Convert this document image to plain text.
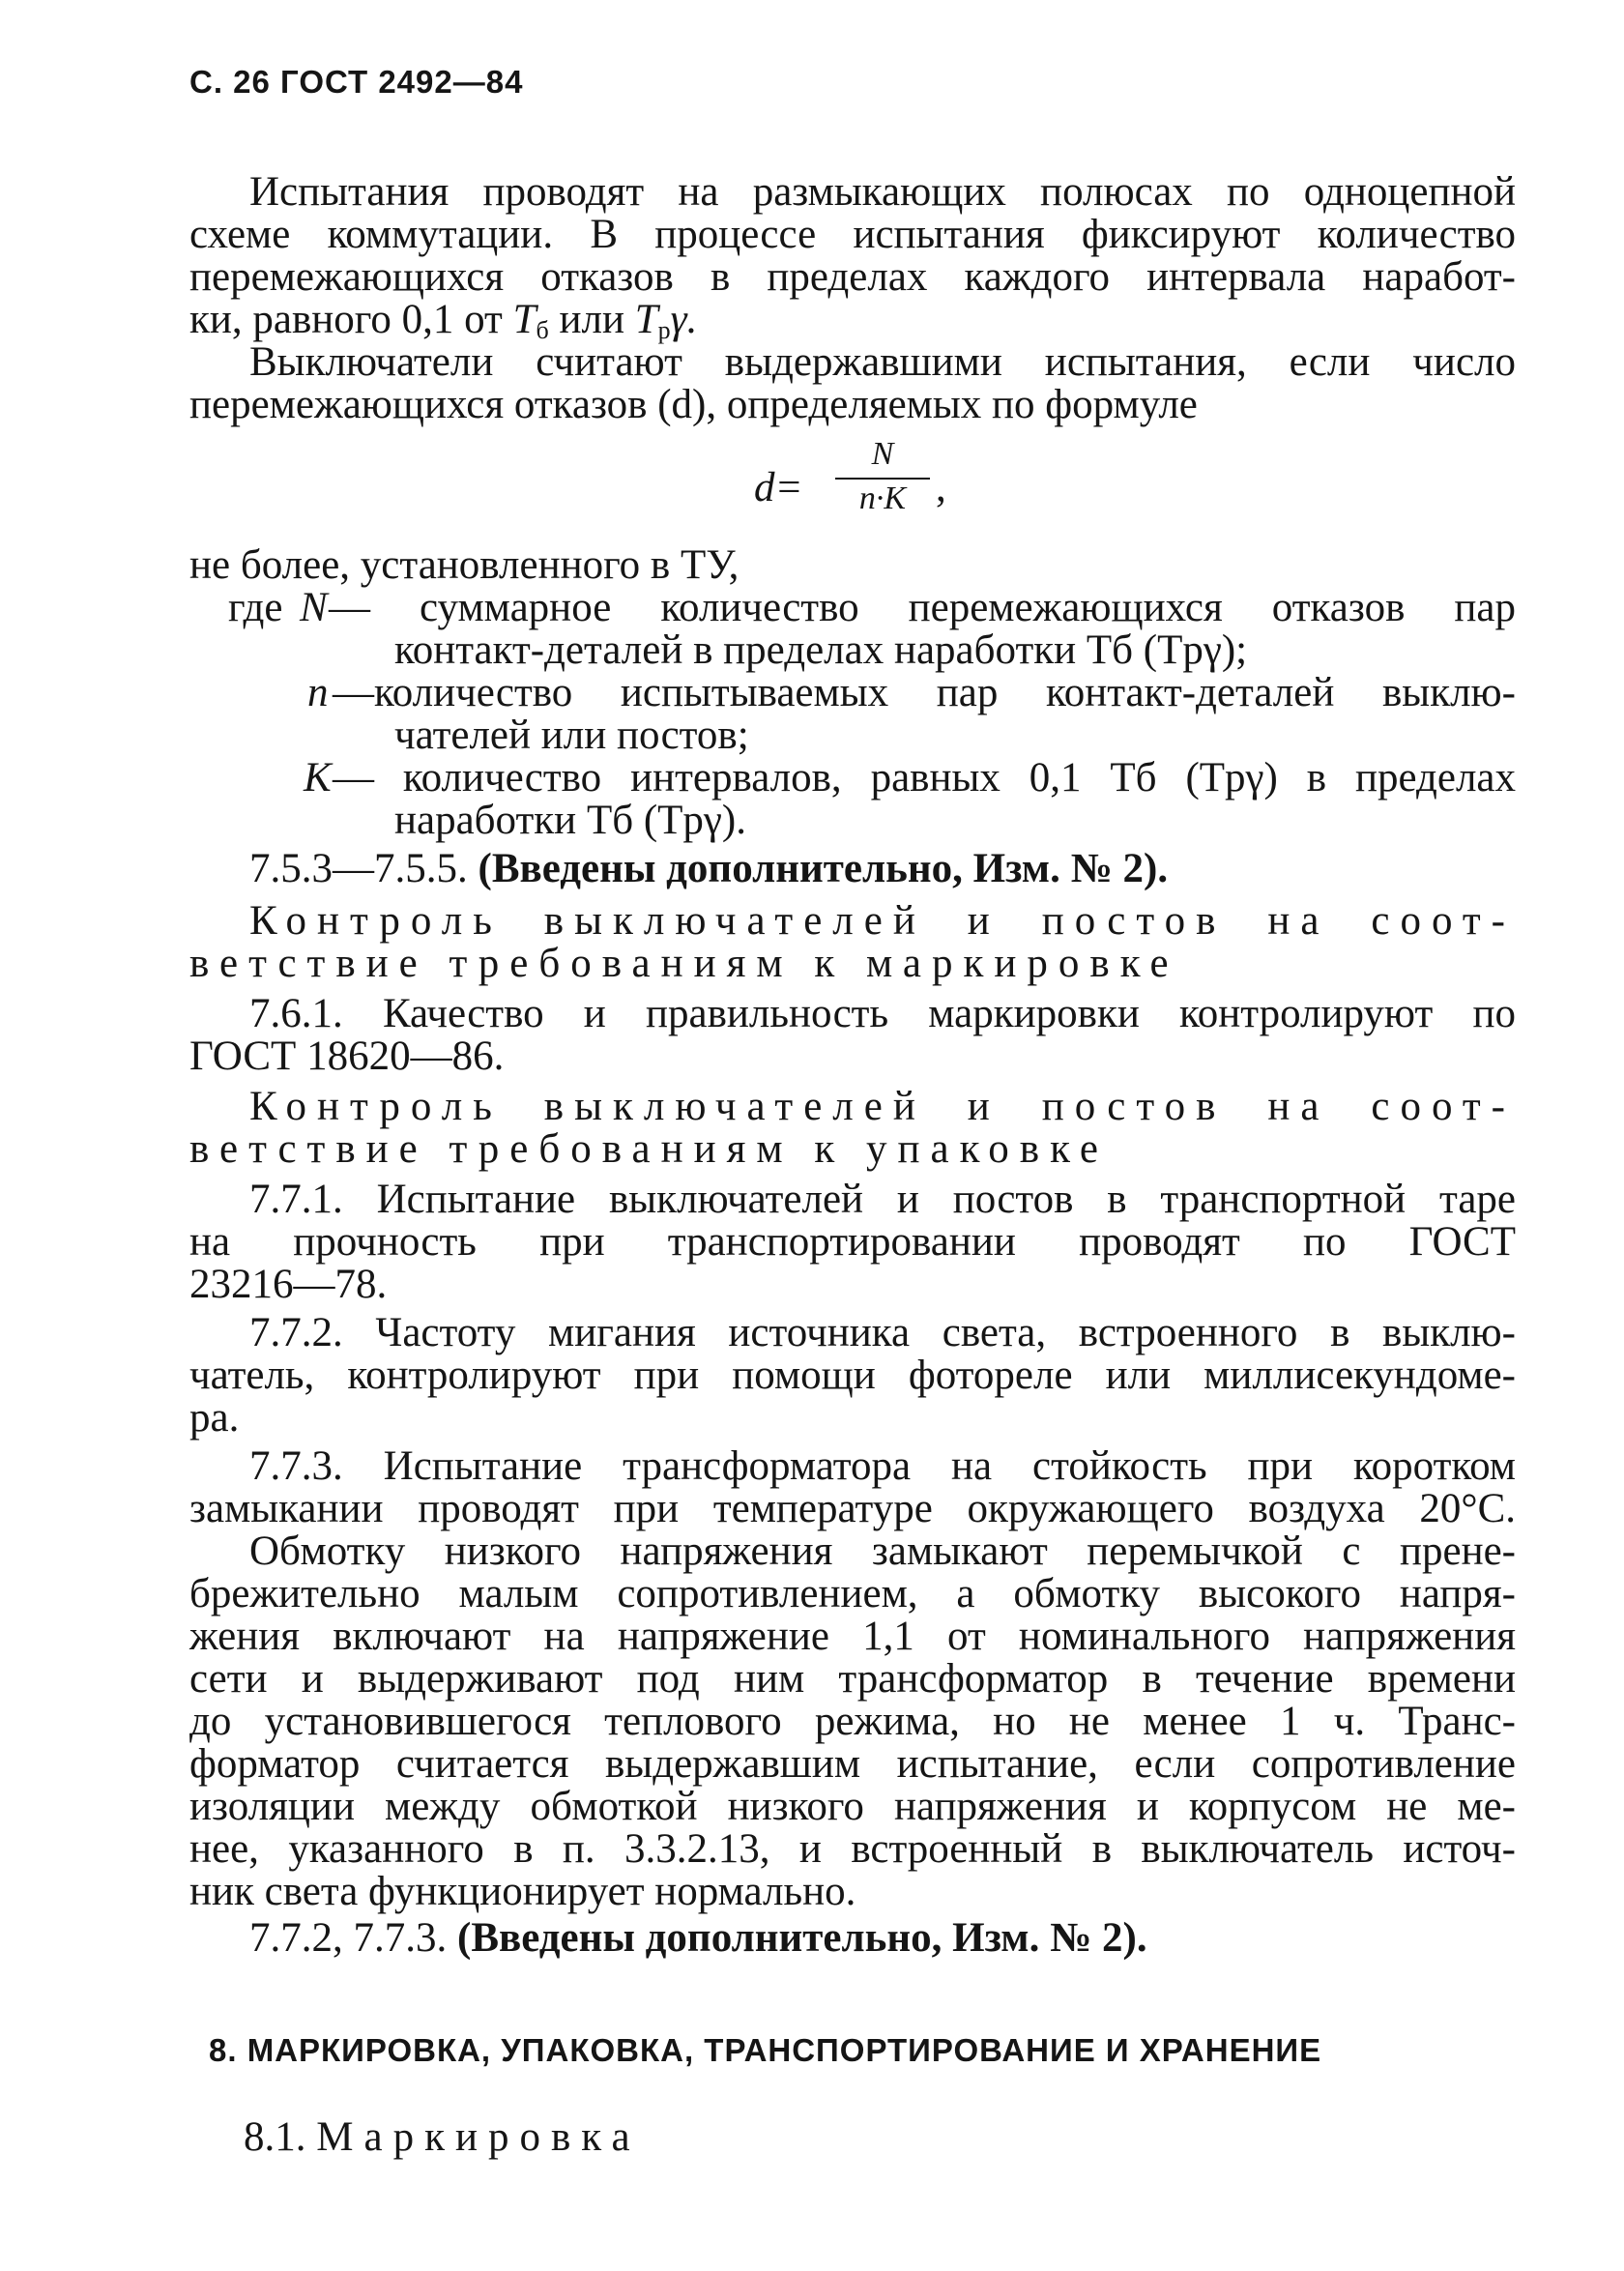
С. 26 ГОСТ 2492—84
Испытания проводят на размыкающих полюсах по одноцепной
схеме коммутации. В процессе испытания фиксируют количество
перемежающихся отказов в пределах каждого интервала наработ-
ки, равного 0,1 от $T_б$ или $T_р\gamma$.
Выключатели считают выдержавшими испытания, если число
перемежающихся отказов (d), определяемых по формуле
d=
N
n·K ,
не более, установленного в ТУ,
где N — суммарное количество перемежающихся отказов пар
контакт-деталей в пределах наработки Tб (Tрγ);
n —количество испытываемых пар контакт-деталей выклю-
чателей или постов;
K — количество интервалов, равных 0,1 Tб (Tрγ) в пределах
наработки Tб (Tрγ).
7.5.3—7.5.5. (Введены дополнительно, Изм. № 2).
Контроль выключателей и постов на соот-
ветствие требованиям к маркировке
7.6.1. Качество и правильность маркировки контролируют по
ГОСТ 18620—86.
Контроль выключателей и постов на соот-
ветствие требованиям к упаковке
7.7.1. Испытание выключателей и постов в транспортной таре
на прочность при транспортировании проводят по ГОСТ
23216—78.
7.7.2. Частоту мигания источника света, встроенного в выклю-
чатель, контролируют при помощи фотореле или миллисекундоме-
ра.
7.7.3. Испытание трансформатора на стойкость при коротком
замыкании проводят при температуре окружающего воздуха 20°С.
Обмотку низкого напряжения замыкают перемычкой с прене-
брежительно малым сопротивлением, а обмотку высокого напря-
жения включают на напряжение 1,1 от номинального напряжения
сети и выдерживают под ним трансформатор в течение времени
до установившегося теплового режима, но не менее 1 ч. Транс-
форматор считается выдержавшим испытание, если сопротивление
изоляции между обмоткой низкого напряжения и корпусом не ме-
нее, указанного в п. 3.3.2.13, и встроенный в выключатель источ-
ник света функционирует нормально.
7.7.2, 7.7.3. (Введены дополнительно, Изм. № 2).
8. МАРКИРОВКА, УПАКОВКА, ТРАНСПОРТИРОВАНИЕ И ХРАНЕНИЕ
8.1. Маркировка
